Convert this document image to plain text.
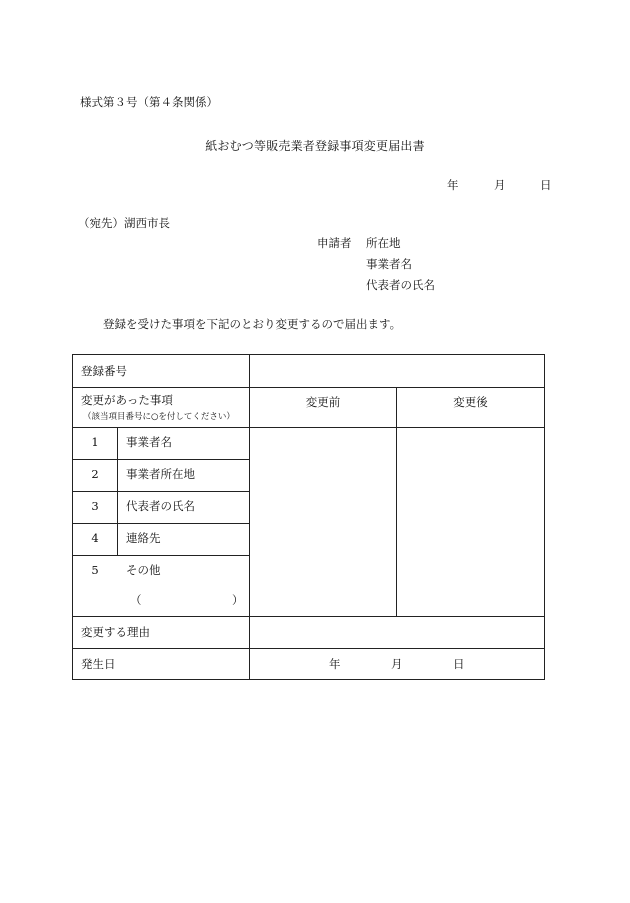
様式第３号（第４条関係）
紙おむつ等販売業者登録事項変更届出書
年	月	日
（宛先）湖西市長
申請者 所在地
事業者名
代表者の氏名
登録を受けた事項を下記のとおり変更するので届出ます。
登録番号
変更があった事項
（該当項目番号に○を付してください）
変更前	変更後
1	事業者名
2	事業者所在地
3	代表者の氏名
4	連絡先
5	その他
（	）
変更する理由
発生日	年	月	日
